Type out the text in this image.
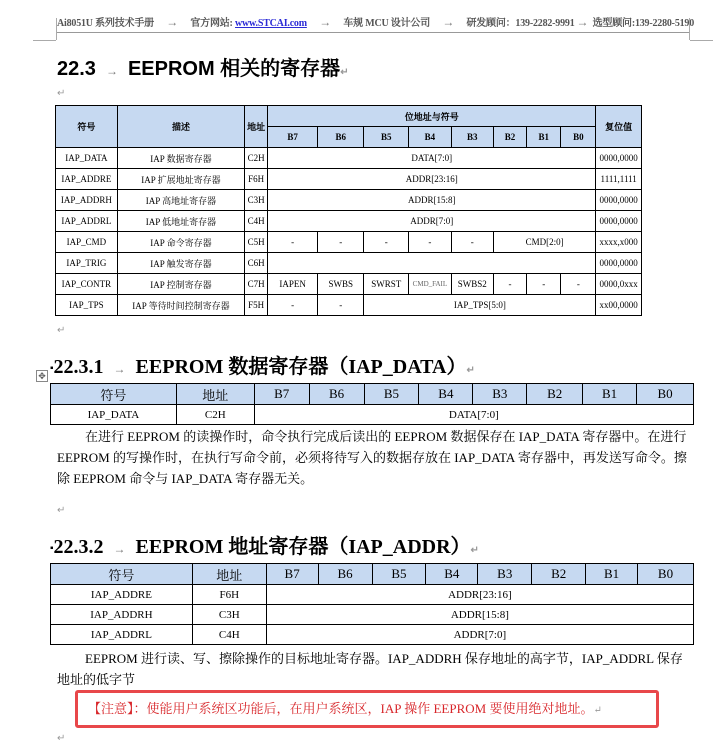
Ai8051U 系列技术手册 → 官方网站: www.STCAI.com → 车规 MCU 设计公司 → 研发顾问：139-2282-9991 → 选型顾问:139-2280-5190
22.3 → EEPROM 相关的寄存器↵
↵
符号	描述	地址	位地址与符号								复位值
			B7	B6	B5	B4	B3	B2	B1	B0	
IAP_DATA	IAP 数据寄存器	C2H	DATA[7:0]								0000,0000
IAP_ADDRE	IAP 扩展地址寄存器	F6H	ADDR[23:16]								1111,1111
IAP_ADDRH	IAP 高地址寄存器	C3H	ADDR[15:8]								0000,0000
IAP_ADDRL	IAP 低地址寄存器	C4H	ADDR[7:0]								0000,0000
IAP_CMD	IAP 命令寄存器	C5H	-	-	-	-	-	CMD[2:0]			xxxx,x000
IAP_TRIG	IAP 触发寄存器	C6H									0000,0000
IAP_CONTR	IAP 控制寄存器	C7H	IAPEN	SWBS	SWRST	CMD_FAIL	SWBS2	-	-	-	0000,0xxx
IAP_TPS	IAP 等待时间控制寄存器	F5H	-	-	IAP_TPS[5:0]						xx00,0000
↵
▪22.3.1 → EEPROM 数据寄存器（IAP_DATA）↵
✥
符号	地址	B7	B6	B5	B4	B3	B2	B1	B0
IAP_DATA	C2H	DATA[7:0]							
在进行 EEPROM 的读操作时，命令执行完成后读出的 EEPROM 数据保存在 IAP_DATA 寄存器中。在进行 EEPROM 的写操作时，在执行写命令前，必须将待写入的数据存放在 IAP_DATA 寄存器中，再发送写命令。擦除 EEPROM 命令与 IAP_DATA 寄存器无关。
↵
▪22.3.2 → EEPROM 地址寄存器（IAP_ADDR）↵
符号	地址	B7	B6	B5	B4	B3	B2	B1	B0
IAP_ADDRE	F6H	ADDR[23:16]							
IAP_ADDRH	C3H	ADDR[15:8]							
IAP_ADDRL	C4H	ADDR[7:0]							
EEPROM 进行读、写、擦除操作的目标地址寄存器。IAP_ADDRH 保存地址的高字节，IAP_ADDRL 保存地址的低字节
【注意】：使能用户系统区功能后，在用户系统区，IAP 操作 EEPROM 要使用绝对地址。↵
↵
